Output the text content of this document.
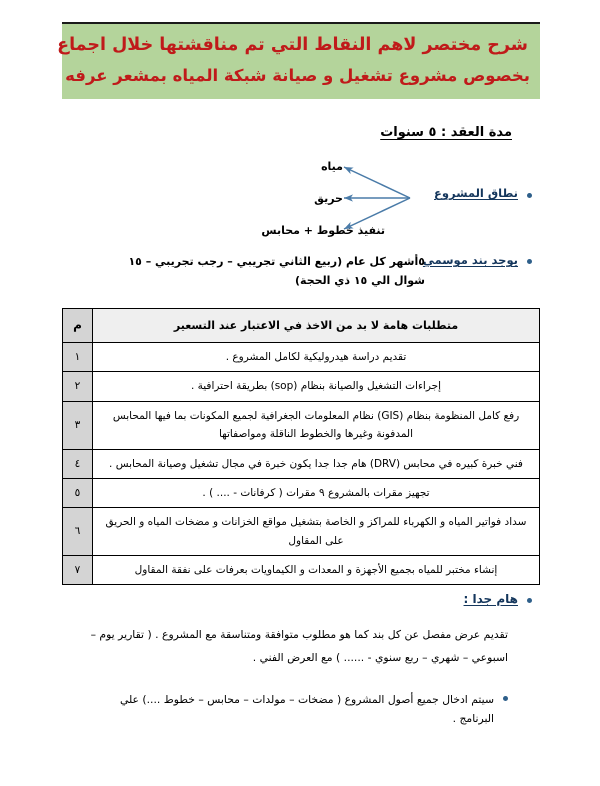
شرح مختصر لاهم النقاط التي تم مناقشتها خلال اجماع
بخصوص مشروع تشغيل و صيانة شبكة المياه بمشعر عرفه
مدة العقد : ٥ سنوات
نطاق المشروع
مياه
حريق
تنفيذ خطوط + محابس
يوجد بند موسمي
٥أشهر كل عام (ربيع الثاني تجريبي – رجب تجريبي – ١٥ شوال الي ١٥ ذي الحجة)
متطلبات هامة لا بد من الاخذ في الاعتبار عند التسعير	م
تقديم دراسة هيدروليكية لكامل المشروع .	١
إجراءات التشغيل والصيانة بنظام (sop) بطريقة احترافية .	٢
رفع كامل المنظومة بنظام (GIS) نظام المعلومات الجغرافية لجميع المكونات بما فيها المحابس المدفونة وغيرها والخطوط الناقلة ومواصفاتها	٣
فني خبرة كبيره في محابس (DRV) هام جدا جدا يكون خبرة في مجال تشغيل وصيانة المحابس .	٤
تجهيز مقرات بالمشروع ٩ مقرات ( كرفانات - .... ) .	٥
سداد فواتير المياه و الكهرباء للمراكز و الخاصة بتشغيل مواقع الخزانات و مضخات المياه و الحريق على المقاول	٦
إنشاء مختبر للمياه بجميع الأجهزة و المعدات و الكيماويات بعرفات على نفقة المقاول	٧
هام جدا :
تقديم عرض مفصل عن كل بند كما هو مطلوب متوافقة ومتناسقة مع المشروع . ( تقارير يوم – اسبوعي – شهري – ربع سنوي - ...... ) مع العرض الفني .
سيتم ادخال جميع أصول المشروع ( مضخات – مولدات – محابس – خطوط ....) علي البرنامج .
